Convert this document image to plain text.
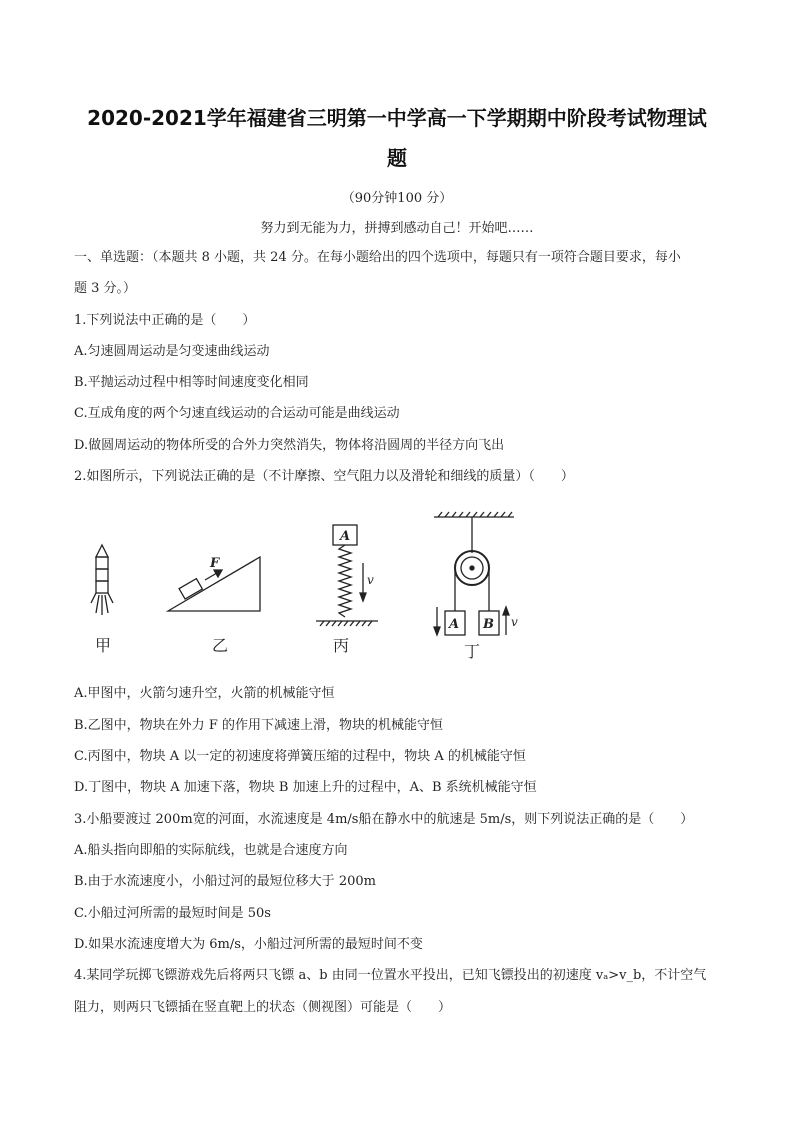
2020-2021学年福建省三明第一中学高一下学期期中阶段考试物理试
题
（90分钟100 分）
努力到无能为力，拼搏到感动自己！开始吧……
一、单选题：（本题共 8 小题，共 24 分。在每小题给出的四个选项中，每题只有一项符合题目要求，每小
题 3 分。）
1.下列说法中正确的是（　　）
A.匀速圆周运动是匀变速曲线运动
B.平抛运动过程中相等时间速度变化相同
C.互成角度的两个匀速直线运动的合运动可能是曲线运动
D.做圆周运动的物体所受的合外力突然消失，物体将沿圆周的半径方向飞出
2.如图所示，下列说法正确的是（不计摩擦、空气阻力以及滑轮和细线的质量）（　　）
甲
F
乙
A
v
丙
A B v
丁
A.甲图中，火箭匀速升空，火箭的机械能守恒
B.乙图中，物块在外力 F 的作用下减速上滑，物块的机械能守恒
C.丙图中，物块 A 以一定的初速度将弹簧压缩的过程中，物块 A 的机械能守恒
D.丁图中，物块 A 加速下落，物块 B 加速上升的过程中，A、B 系统机械能守恒
3.小船要渡过 200m宽的河面，水流速度是 4m/s船在静水中的航速是 5m/s，则下列说法正确的是（　　）
A.船头指向即船的实际航线，也就是合速度方向
B.由于水流速度小，小船过河的最短位移大于 200m
C.小船过河所需的最短时间是 50s
D.如果水流速度增大为 6m/s，小船过河所需的最短时间不变
4.某同学玩掷飞镖游戏先后将两只飞镖 a、b 由同一位置水平投出，已知飞镖投出的初速度 vₐ>v_b，不计空气
阻力，则两只飞镖插在竖直靶上的状态（侧视图）可能是（　　）
